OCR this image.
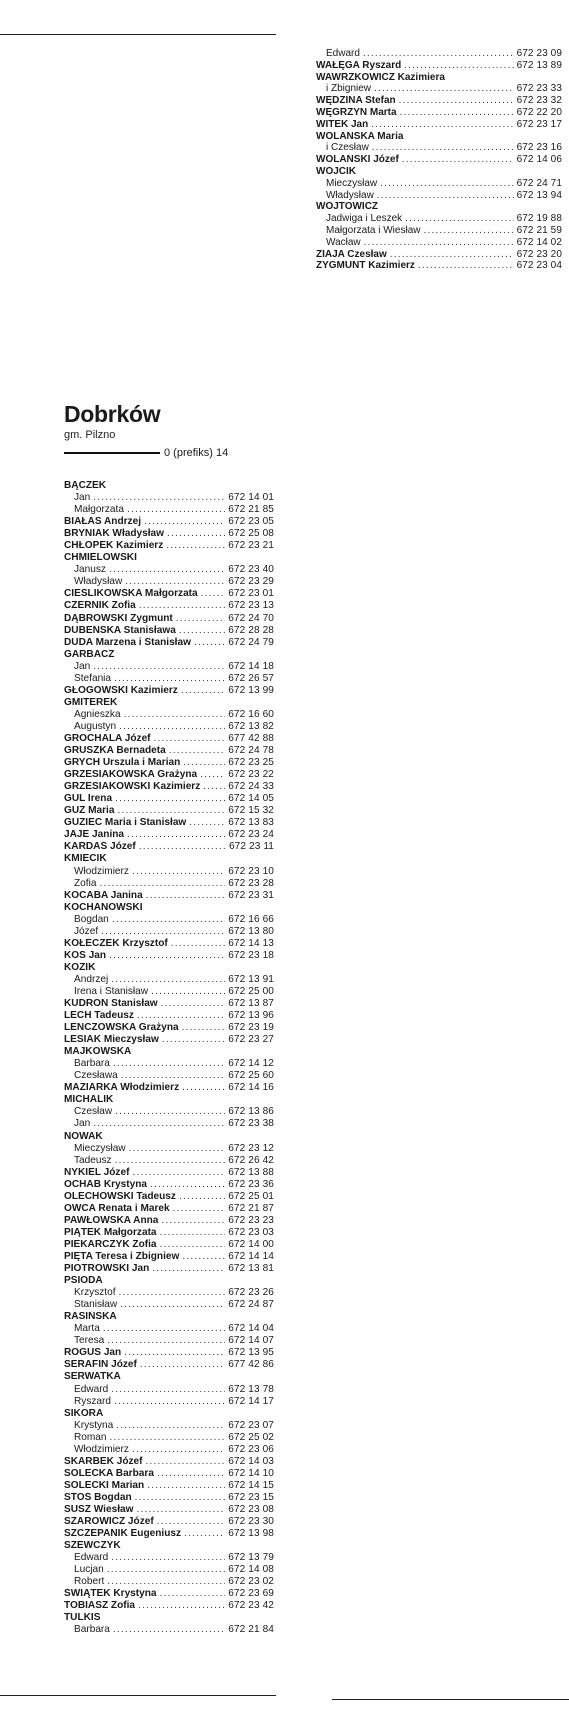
Edward .....	672 23 09
WAŁĘGA Ryszard .....	672 13 89
WAWRZKOWICZ Kazimiera
i Zbigniew .....	672 23 33
WĘDZINA Stefan .....	672 23 32
WĘGRZYN Marta .....	672 22 20
WITEK Jan .....	672 23 17
WOLAŃSKA Maria
i Czesław .....	672 23 16
WOLAŃSKI Józef .....	672 14 06
WÓJCIK
Mieczysław .....	672 24 71
Władysław .....	672 13 94
WÓJTOWICZ
Jadwiga i Leszek .....	672 19 88
Małgorzata i Wiesław .....	672 21 59
Wacław .....	672 14 02
ZIAJA Czesław .....	672 23 20
ZYGMUNT Kazimierz .....	672 23 04
Dobrków
gm. Pilzno
0 (prefiks) 14
BĄCZEK
Jan .....	672 14 01
Małgorzata .....	672 21 85
BIAŁAS Andrzej .....	672 23 05
BRYNIAK Władysław .....	672 25 08
CHŁOPEK Kazimierz .....	672 23 21
CHMIELOWSKI
Janusz .....	672 23 40
Władysław .....	672 23 29
CIEŚLIKOWSKA Małgorzata .....	672 23 01
CZERNIK Zofia .....	672 23 13
DĄBROWSKI Zygmunt .....	672 24 70
DUBEŃSKA Stanisława .....	672 28 28
DUDA Marzena i Stanisław .....	672 24 79
GARBACZ
Jan .....	672 14 18
Stefania .....	672 26 57
GŁOGOWSKI Kazimierz .....	672 13 99
GMITEREK
Agnieszka .....	672 16 60
Augustyn .....	672 13 82
GROCHALA Józef .....	677 42 88
GRUSZKA Bernadeta .....	672 24 78
GRYCH Urszula i Marian .....	672 23 25
GRZESIAKOWSKA Grażyna .....	672 23 22
GRZESIAKOWSKI Kazimierz .....	672 24 33
GUL Irena .....	672 14 05
GUZ Maria .....	672 15 32
GUZIEC Maria i Stanisław .....	672 13 83
JAJE Janina .....	672 23 24
KARDAŚ Józef .....	672 23 11
KMIECIK
Włodzimierz .....	672 23 10
Zofia .....	672 23 28
KOCABA Janina .....	672 23 31
KOCHANOWSKI
Bogdan .....	672 16 66
Józef .....	672 13 80
KOŁECZEK Krzysztof .....	672 14 13
KOS Jan .....	672 23 18
KOZIK
Andrzej .....	672 13 91
Irena i Stanisław .....	672 25 00
KUDROŃ Stanisław .....	672 13 87
LECH Tadeusz .....	672 13 96
LENCZOWSKA Grażyna .....	672 23 19
LESIAK Mieczysław .....	672 23 27
MAJKOWSKA
Barbara .....	672 14 12
Czesława .....	672 25 60
MAZIARKA Włodzimierz .....	672 14 16
MICHALIK
Czesław .....	672 13 86
Jan .....	672 23 38
NOWAK
Mieczysław .....	672 23 12
Tadeusz .....	672 26 42
NYKIEL Józef .....	672 13 88
OCHAB Krystyna .....	672 23 36
OLECHOWSKI Tadeusz .....	672 25 01
OWCA Renata i Marek .....	672 21 87
PAWŁOWSKA Anna .....	672 23 23
PIĄTEK Małgorzata .....	672 23 03
PIEKARCZYK Zofia .....	672 14 00
PIĘTA Teresa i Zbigniew .....	672 14 14
PIOTROWSKI Jan .....	672 13 81
PSIODA
Krzysztof .....	672 23 26
Stanisław .....	672 24 87
RASIŃSKA
Marta .....	672 14 04
Teresa .....	672 14 07
ROGUS Jan .....	672 13 95
SERAFIN Józef .....	677 42 86
SERWATKA
Edward .....	672 13 78
Ryszard .....	672 14 17
SIKORA
Krystyna .....	672 23 07
Roman .....	672 25 02
Włodzimierz .....	672 23 06
SKARBEK Józef .....	672 14 03
SOLECKA Barbara .....	672 14 10
SOLECKI Marian .....	672 14 15
STOŚ Bogdan .....	672 23 15
SUSZ Wiesław .....	672 23 08
SZAROWICZ Józef .....	672 23 30
SZCZEPANIK Eugeniusz .....	672 13 98
SZEWCZYK
Edward .....	672 13 79
Lucjan .....	672 14 08
Robert .....	672 23 02
ŚWIĄTEK Krystyna .....	672 23 69
TOBIASZ Zofia .....	672 23 42
TULKIS
Barbara .....	672 21 84
